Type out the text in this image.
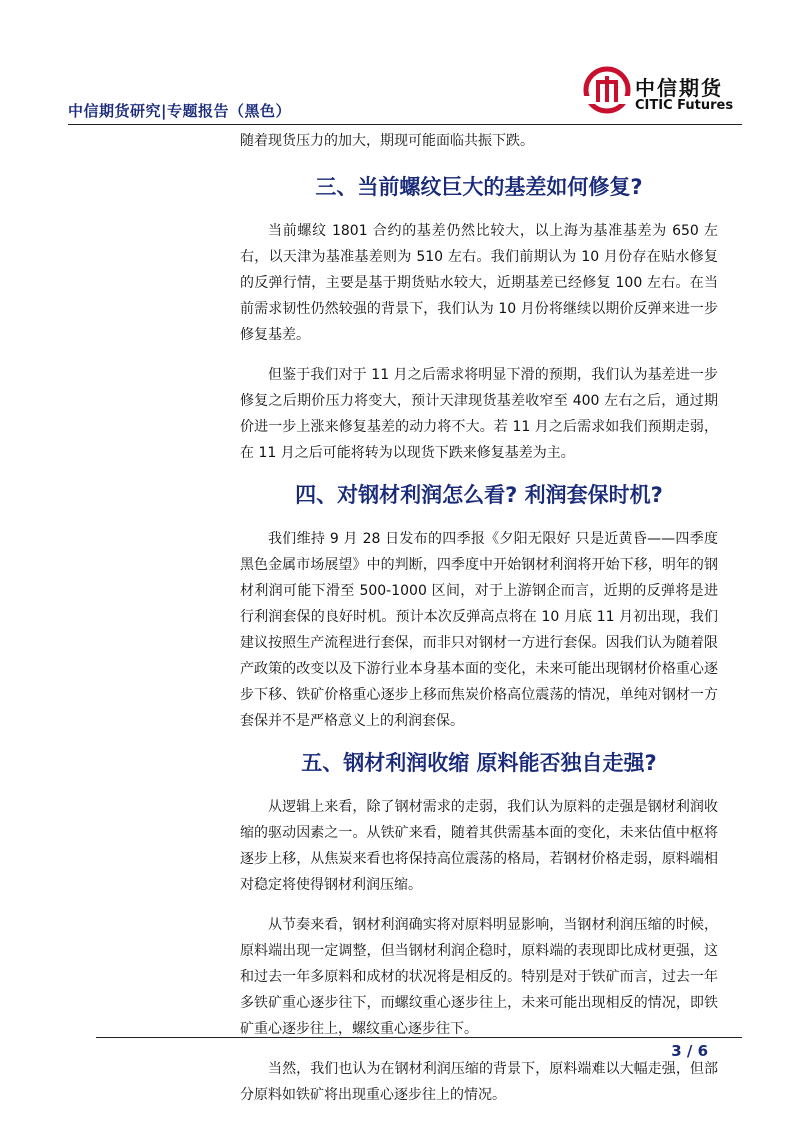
中信期货研究|专题报告（黑色）
中信期货
CITIC Futures

随着现货压力的加大，期现可能面临共振下跌。

三、当前螺纹巨大的基差如何修复?

当前螺纹 1801 合约的基差仍然比较大，以上海为基准基差为 650 左右，以天津为基准基差则为 510 左右。我们前期认为 10 月份存在贴水修复的反弹行情，主要是基于期货贴水较大，近期基差已经修复 100 左右。在当前需求韧性仍然较强的背景下，我们认为 10 月份将继续以期价反弹来进一步修复基差。

但鉴于我们对于 11 月之后需求将明显下滑的预期，我们认为基差进一步修复之后期价压力将变大，预计天津现货基差收窄至 400 左右之后，通过期价进一步上涨来修复基差的动力将不大。若 11 月之后需求如我们预期走弱，在 11 月之后可能将转为以现货下跌来修复基差为主。

四、对钢材利润怎么看? 利润套保时机?

我们维持 9 月 28 日发布的四季报《夕阳无限好 只是近黄昏——四季度黑色金属市场展望》中的判断，四季度中开始钢材利润将开始下移，明年的钢材利润可能下滑至 500-1000 区间，对于上游钢企而言，近期的反弹将是进行利润套保的良好时机。预计本次反弹高点将在 10 月底 11 月初出现，我们建议按照生产流程进行套保，而非只对钢材一方进行套保。因我们认为随着限产政策的改变以及下游行业本身基本面的变化，未来可能出现钢材价格重心逐步下移、铁矿价格重心逐步上移而焦炭价格高位震荡的情况，单纯对钢材一方套保并不是严格意义上的利润套保。

五、钢材利润收缩 原料能否独自走强?

从逻辑上来看，除了钢材需求的走弱，我们认为原料的走强是钢材利润收缩的驱动因素之一。从铁矿来看，随着其供需基本面的变化，未来估值中枢将逐步上移，从焦炭来看也将保持高位震荡的格局，若钢材价格走弱，原料端相对稳定将使得钢材利润压缩。

从节奏来看，钢材利润确实将对原料明显影响，当钢材利润压缩的时候，原料端出现一定调整，但当钢材利润企稳时，原料端的表现即比成材更强，这和过去一年多原料和成材的状况将是相反的。特别是对于铁矿而言，过去一年多铁矿重心逐步往下，而螺纹重心逐步往上，未来可能出现相反的情况，即铁矿重心逐步往上，螺纹重心逐步往下。

当然，我们也认为在钢材利润压缩的背景下，原料端难以大幅走强，但部分原料如铁矿将出现重心逐步往上的情况。

3 / 6
